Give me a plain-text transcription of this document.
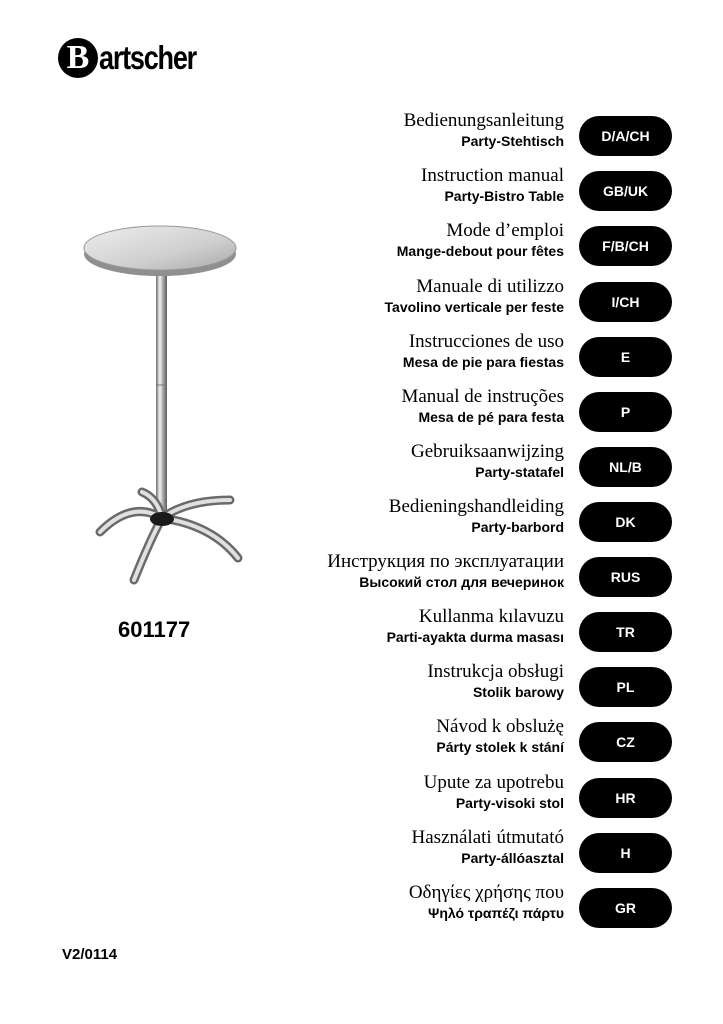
B artscher
601177
V2/0114
Bedienungsanleitung
Party-Stehtisch	D/A/CH
Instruction manual
Party-Bistro Table	GB/UK
Mode d’emploi
Mange-debout pour fêtes	F/B/CH
Manuale di utilizzo
Tavolino verticale per feste	I/CH
Instrucciones de uso
Mesa de pie para fiestas	E
Manual de instruções
Mesa de pé para festa	P
Gebruiksaanwijzing
Party-statafel	NL/B
Bedieningshandleiding
Party-barbord	DK
Инструкция по эксплуатации
Высокий стол для вечеринок	RUS
Kullanma kılavuzu
Parti-ayakta durma masası	TR
Instrukcja obsługi
Stolik barowy	PL
Návod k obslużę
Párty stolek k stání	CZ
Upute za upotrebu
Party-visoki stol	HR
Használati útmutató
Party-állóasztal	H
Οδηγίες χρήσης που
Ψηλό τραπέζι πάρτυ	GR
